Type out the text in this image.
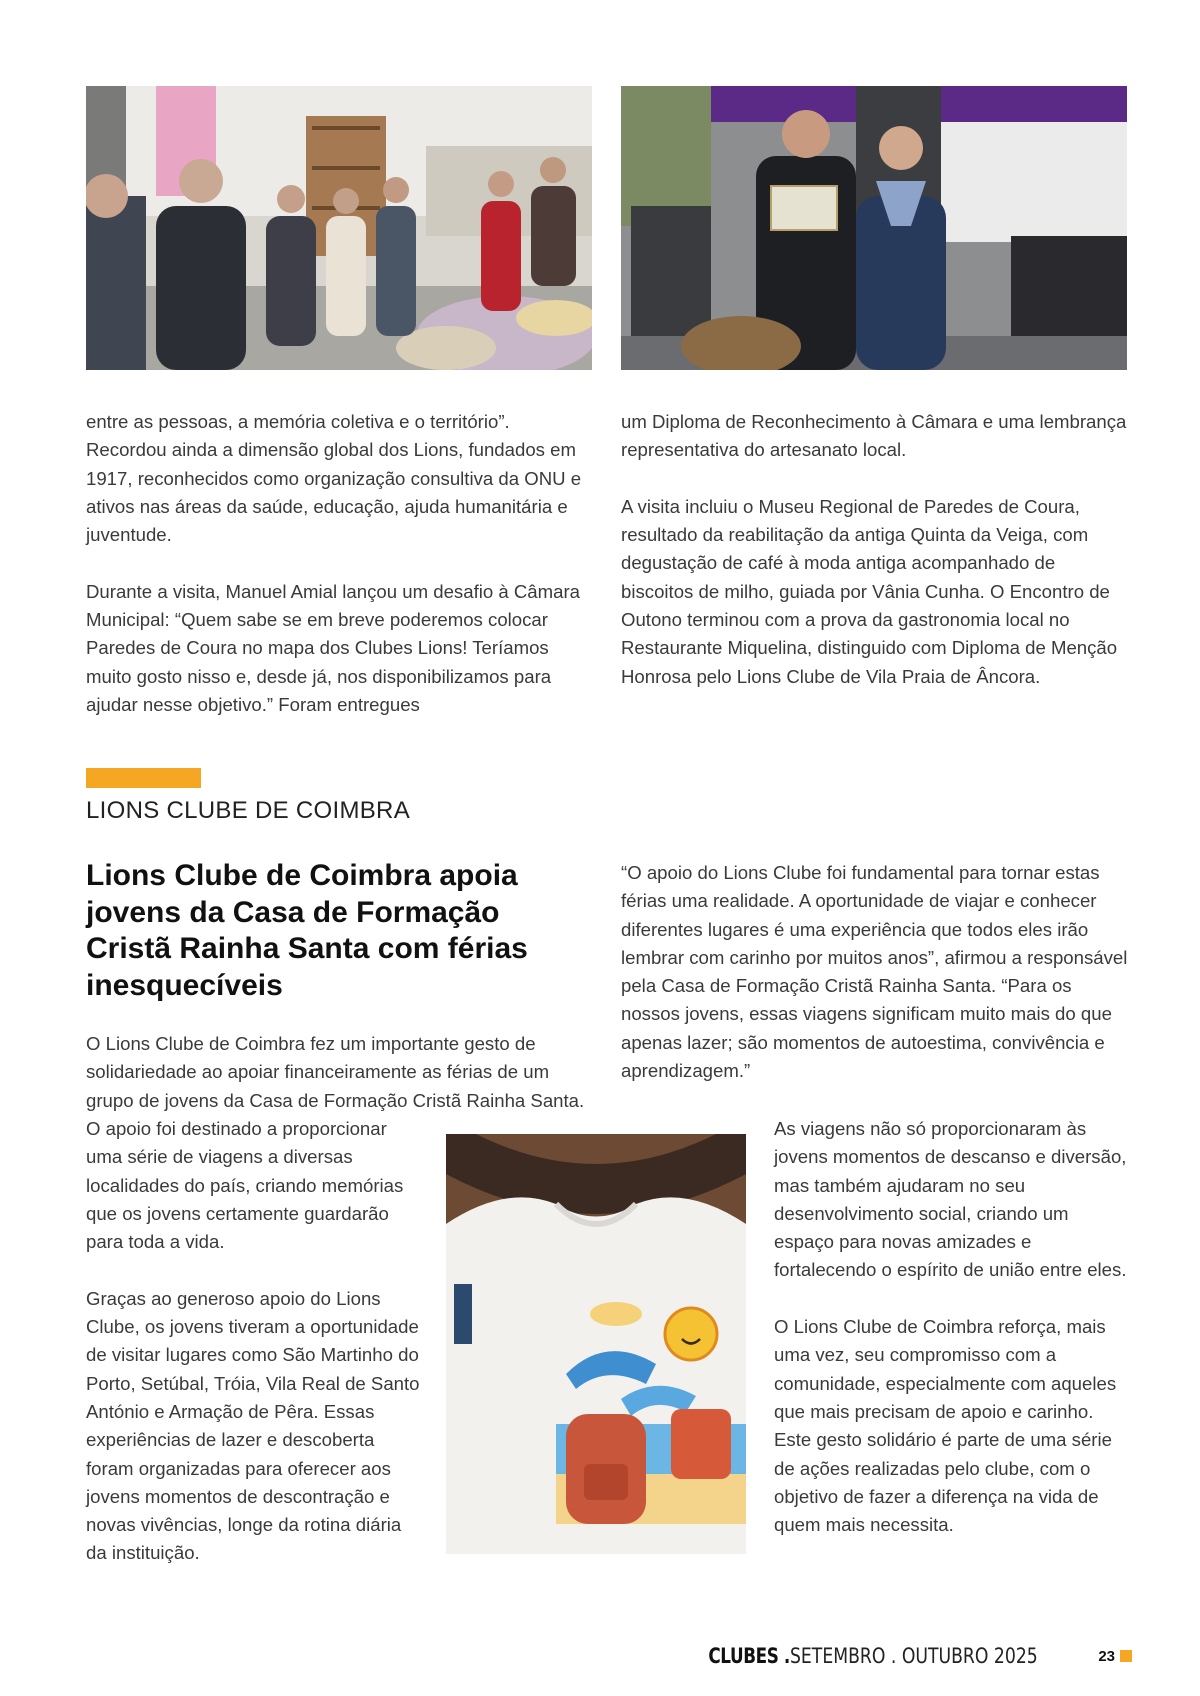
entre as pessoas, a memória coletiva e o território”. Recordou ainda a dimensão global dos Lions, fundados em 1917, reconhecidos como organização consultiva da ONU e ativos nas áreas da saúde, educação, ajuda humanitária e juventude.

Durante a visita, Manuel Amial lançou um desafio à Câmara Municipal: “Quem sabe se em breve poderemos colocar Paredes de Coura no mapa dos Clubes Lions! Teríamos muito gosto nisso e, desde já, nos disponibilizamos para ajudar nesse objetivo.” Foram entregues

um Diploma de Reconhecimento à Câmara e uma lembrança representativa do artesanato local.

A visita incluiu o Museu Regional de Paredes de Coura, resultado da reabilitação da antiga Quinta da Veiga, com degustação de café à moda antiga acompanhado de biscoitos de milho, guiada por Vânia Cunha. O Encontro de Outono terminou com a prova da gastronomia local no Restaurante Miquelina, distinguido com Diploma de Menção Honrosa pelo Lions Clube de Vila Praia de Âncora.

LIONS CLUBE DE COIMBRA
Lions Clube de Coimbra apoia jovens da Casa de Formação Cristã Rainha Santa com férias inesquecíveis

O Lions Clube de Coimbra fez um importante gesto de solidariedade ao apoiar financeiramente as férias de um grupo de jovens da Casa de Formação Cristã Rainha Santa.

O apoio foi destinado a proporcionar uma série de viagens a diversas localidades do país, criando memórias que os jovens certamente guardarão para toda a vida.

Graças ao generoso apoio do Lions Clube, os jovens tiveram a oportunidade de visitar lugares como São Martinho do Porto, Setúbal, Tróia, Vila Real de Santo António e Armação de Pêra. Essas experiências de lazer e descoberta foram organizadas para oferecer aos jovens momentos de descontração e novas vivências, longe da rotina diária da instituição.

“O apoio do Lions Clube foi fundamental para tornar estas férias uma realidade. A oportunidade de viajar e conhecer diferentes lugares é uma experiência que todos eles irão lembrar com carinho por muitos anos”, afirmou a responsável pela Casa de Formação Cristã Rainha Santa. “Para os nossos jovens, essas viagens significam muito mais do que apenas lazer; são momentos de autoestima, convivência e aprendizagem.”

As viagens não só proporcionaram às jovens momentos de descanso e diversão, mas também ajudaram no seu desenvolvimento social, criando um espaço para novas amizades e fortalecendo o espírito de união entre eles.

O Lions Clube de Coimbra reforça, mais uma vez, seu compromisso com a comunidade, especialmente com aqueles que mais precisam de apoio e carinho. Este gesto solidário é parte de uma série de ações realizadas pelo clube, com o objetivo de fazer a diferença na vida de quem mais necessita.

CLUBES . SETEMBRO . OUTUBRO 2025	23
